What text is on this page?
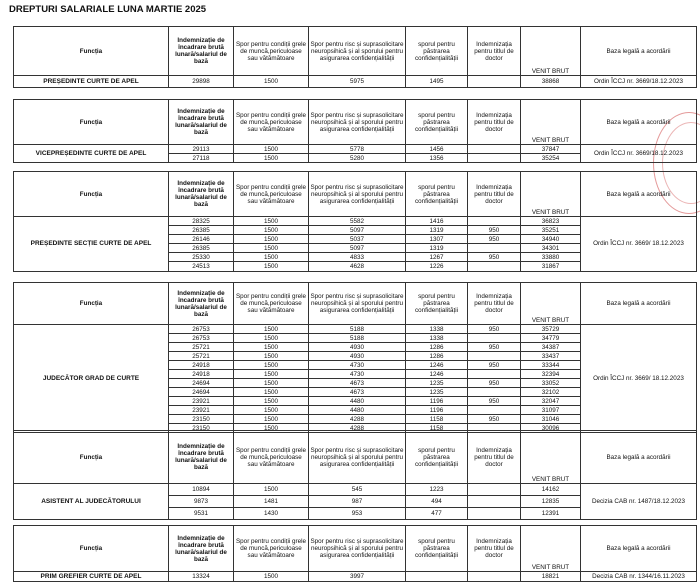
DREPTURI SALARIALE LUNA MARTIE 2025
Funcția	Indemnizație de încadrare brută lunară/salariul de bază	Spor pentru condiții grele de muncă,periculoase sau vătămătoare	Spor pentru risc și suprasolicitare neuropsihică și al sporului pentru asigurarea confidențialității	sporul pentru păstrarea confidențialității	Indemnizația pentru titlul de doctor	VENIT BRUT	Baza legală a acordării
PREȘEDINTE CURTE DE APEL	29898	1500	5975	1495		38868	Ordin ÎCCJ nr. 3669/18.12.2023
Funcția	Indemnizație de încadrare brută lunară/salariul de bază	Spor pentru condiții grele de muncă,periculoase sau vătămătoare	Spor pentru risc și suprasolicitare neuropsihică și al sporului pentru asigurarea confidențialității	sporul pentru păstrarea confidențialității	Indemnizația pentru titlul de doctor	VENIT BRUT	Baza legală a acordării
VICEPREȘEDINTE CURTE DE APEL	29113	1500	5778	1456		37847	Ordin ÎCCJ nr. 3669/18.12.2023
	27118	1500	5280	1356		35254	
Funcția	Indemnizație de încadrare brută lunară/salariul de bază	Spor pentru condiții grele de muncă,periculoase sau vătămătoare	Spor pentru risc și suprasolicitare neuropsihică și al sporului pentru asigurarea confidențialității	sporul pentru păstrarea confidențialității	Indemnizația pentru titlul de doctor	VENIT BRUT	Baza legală a acordării
PREȘEDINTE SECȚIE CURTE DE APEL	28325	1500	5582	1416		36823	Ordin ÎCCJ nr. 3669/ 18.12.2023
	26385	1500	5097	1319	950	35251	
	26146	1500	5037	1307	950	34940	
	26385	1500	5097	1319		34301	
	25330	1500	4833	1267	950	33880	
	24513	1500	4628	1226		31867	
Funcția	Indemnizație de încadrare brută lunară/salariul de bază	Spor pentru condiții grele de muncă,periculoase sau vătămătoare	Spor pentru risc și suprasolicitare neuropsihică și al sporului pentru asigurarea confidențialității	sporul pentru păstrarea confidențialității	Indemnizația pentru titlul de doctor	VENIT BRUT	Baza legală a acordării
JUDECĂTOR GRAD DE CURTE	26753	1500	5188	1338	950	35729	Ordin ÎCCJ nr. 3669/ 18.12.2023
	26753	1500	5188	1338		34779	
	25721	1500	4930	1286	950	34387	
	25721	1500	4930	1286		33437	
	24918	1500	4730	1246	950	33344	
	24918	1500	4730	1246		32394	
	24694	1500	4673	1235	950	33052	
	24694	1500	4673	1235		32102	
	23921	1500	4480	1196	950	32047	
	23921	1500	4480	1196		31097	
	23150	1500	4288	1158	950	31046	
	23150	1500	4288	1158		30096	
Funcția	Indemnizație de încadrare brută lunară/salariul de bază	Spor pentru condiții grele de muncă,periculoase sau vătămătoare	Spor pentru risc și suprasolicitare neuropsihică și al sporului pentru asigurarea confidențialității	sporul pentru păstrarea confidențialității	Indemnizația pentru titlul de doctor	VENIT BRUT	Baza legală a acordării
ASISTENT AL JUDECĂTORULUI	10894	1500	545	1223		14162	Decizia CAB nr. 1487/18.12.2023
	9873	1481	987	494		12835	
	9531	1430	953	477		12391	
Funcția	Indemnizație de încadrare brută lunară/salariul de bază	Spor pentru condiții grele de muncă,periculoase sau vătămătoare	Spor pentru risc și suprasolicitare neuropsihică și al sporului pentru asigurarea confidențialității	sporul pentru păstrarea confidențialității	Indemnizația pentru titlul de doctor	VENIT BRUT	Baza legală a acordării
PRIM GREFIER CURTE DE APEL	13324	1500	3997			18821	Decizia CAB nr. 1344/16.11.2023
